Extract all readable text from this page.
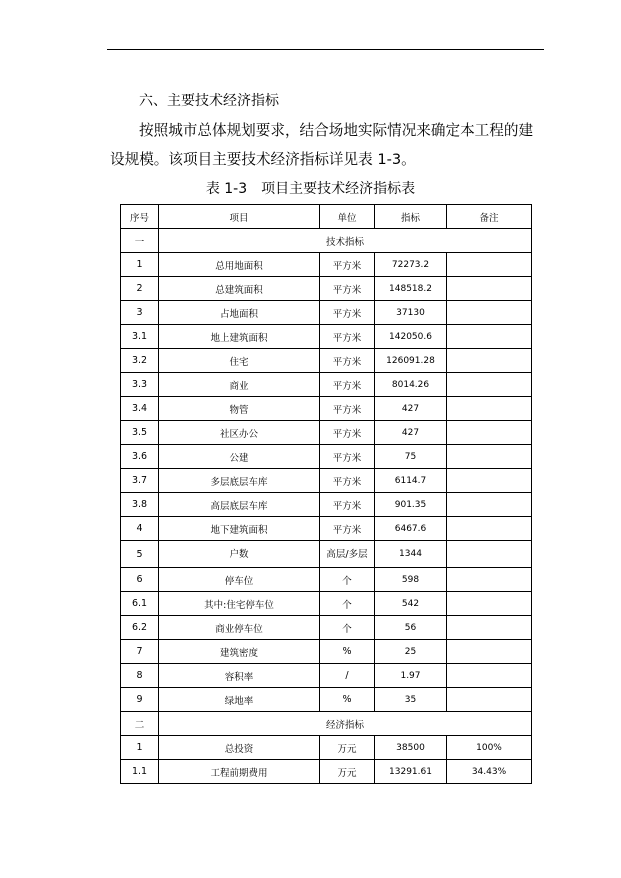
六、主要技术经济指标
按照城市总体规划要求，结合场地实际情况来确定本工程的建设规模。该项目主要技术经济指标详见表 1-3。
表 1-3　项目主要技术经济指标表
序号	项目	单位	指标	备注
一	技术指标			
1	总用地面积	平方米	72273.2	
2	总建筑面积	平方米	148518.2	
3	占地面积	平方米	37130	
3.1	地上建筑面积	平方米	142050.6	
3.2	住宅	平方米	126091.28	
3.3	商业	平方米	8014.26	
3.4	物管	平方米	427	
3.5	社区办公	平方米	427	
3.6	公建	平方米	75	
3.7	多层底层车库	平方米	6114.7	
3.8	高层底层车库	平方米	901.35	
4	地下建筑面积	平方米	6467.6	
5	户数	高层/多层	1344	
6	停车位	个	598	
6.1	其中:住宅停车位	个	542	
6.2	商业停车位	个	56	
7	建筑密度	%	25	
8	容积率	/	1.97	
9	绿地率	%	35	
二	经济指标			
1	总投资	万元	38500	100%
1.1	工程前期费用	万元	13291.61	34.43%
